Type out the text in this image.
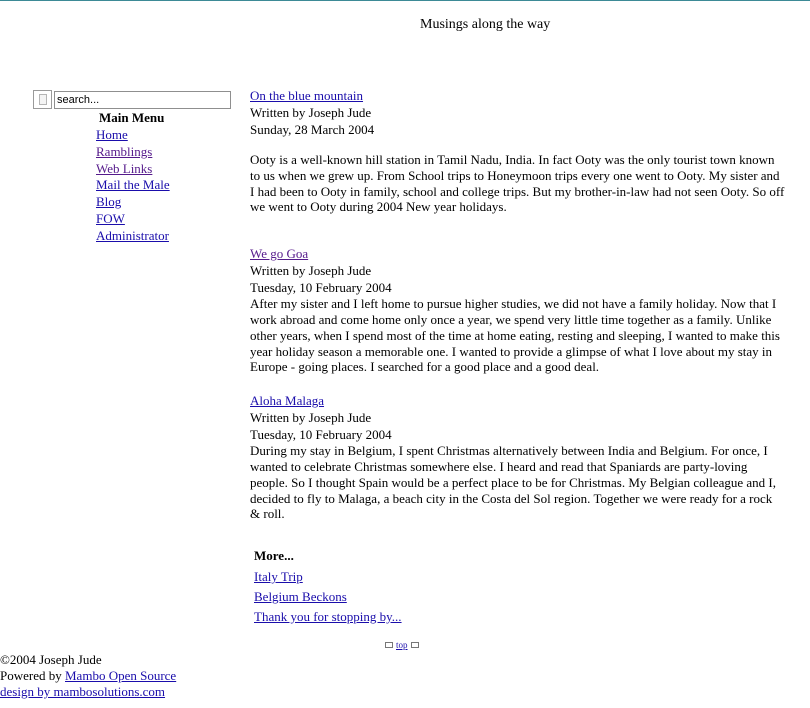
Musings along the way
search...
Main Menu
Home
Ramblings
Web Links
Mail the Male
Blog
FOW
Administrator
On the blue mountain
Written by Joseph Jude
Sunday, 28 March 2004

Ooty is a well-known hill station in Tamil Nadu, India. In fact Ooty was the only tourist town known to us when we grew up. From School trips to Honeymoon trips every one went to Ooty. My sister and I had been to Ooty in family, school and college trips. But my brother-in-law had not seen Ooty. So off we went to Ooty during 2004 New year holidays.

We go Goa
Written by Joseph Jude
Tuesday, 10 February 2004

After my sister and I left home to pursue higher studies, we did not have a family holiday. Now that I work abroad and come home only once a year, we spend very little time together as a family. Unlike other years, when I spend most of the time at home eating, resting and sleeping, I wanted to make this year holiday season a memorable one. I wanted to provide a glimpse of what I love about my stay in Europe - going places. I searched for a good place and a good deal.

Aloha Malaga
Written by Joseph Jude
Tuesday, 10 February 2004

During my stay in Belgium, I spent Christmas alternatively between India and Belgium. For once, I wanted to celebrate Christmas somewhere else. I heard and read that Spaniards are party-loving people. So I thought Spain would be a perfect place to be for Christmas. My Belgian colleague and I, decided to fly to Malaga, a beach city in the Costa del Sol region. Together we were ready for a rock & roll.

More...
Italy Trip
Belgium Beckons
Thank you for stopping by...
top
©2004 Joseph Jude
Powered by Mambo Open Source
design by mambosolutions.com
